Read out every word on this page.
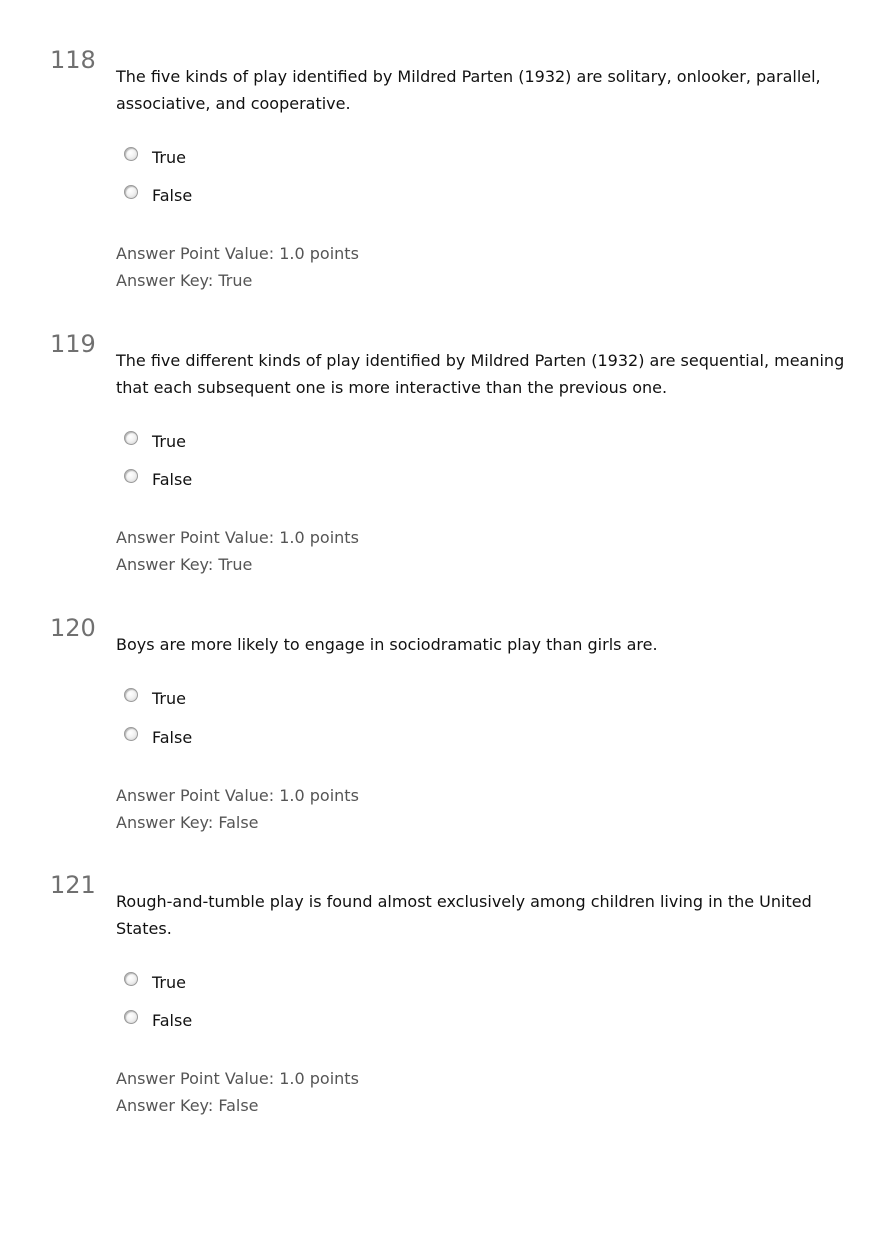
118
The five kinds of play identified by Mildred Parten (1932) are solitary, onlooker, parallel, associative, and cooperative.
True
False
Answer Point Value: 1.0 points
Answer Key: True
119
The five different kinds of play identified by Mildred Parten (1932) are sequential, meaning that each subsequent one is more interactive than the previous one.
True
False
Answer Point Value: 1.0 points
Answer Key: True
120
Boys are more likely to engage in sociodramatic play than girls are.
True
False
Answer Point Value: 1.0 points
Answer Key: False
121
Rough-and-tumble play is found almost exclusively among children living in the United States.
True
False
Answer Point Value: 1.0 points
Answer Key: False
